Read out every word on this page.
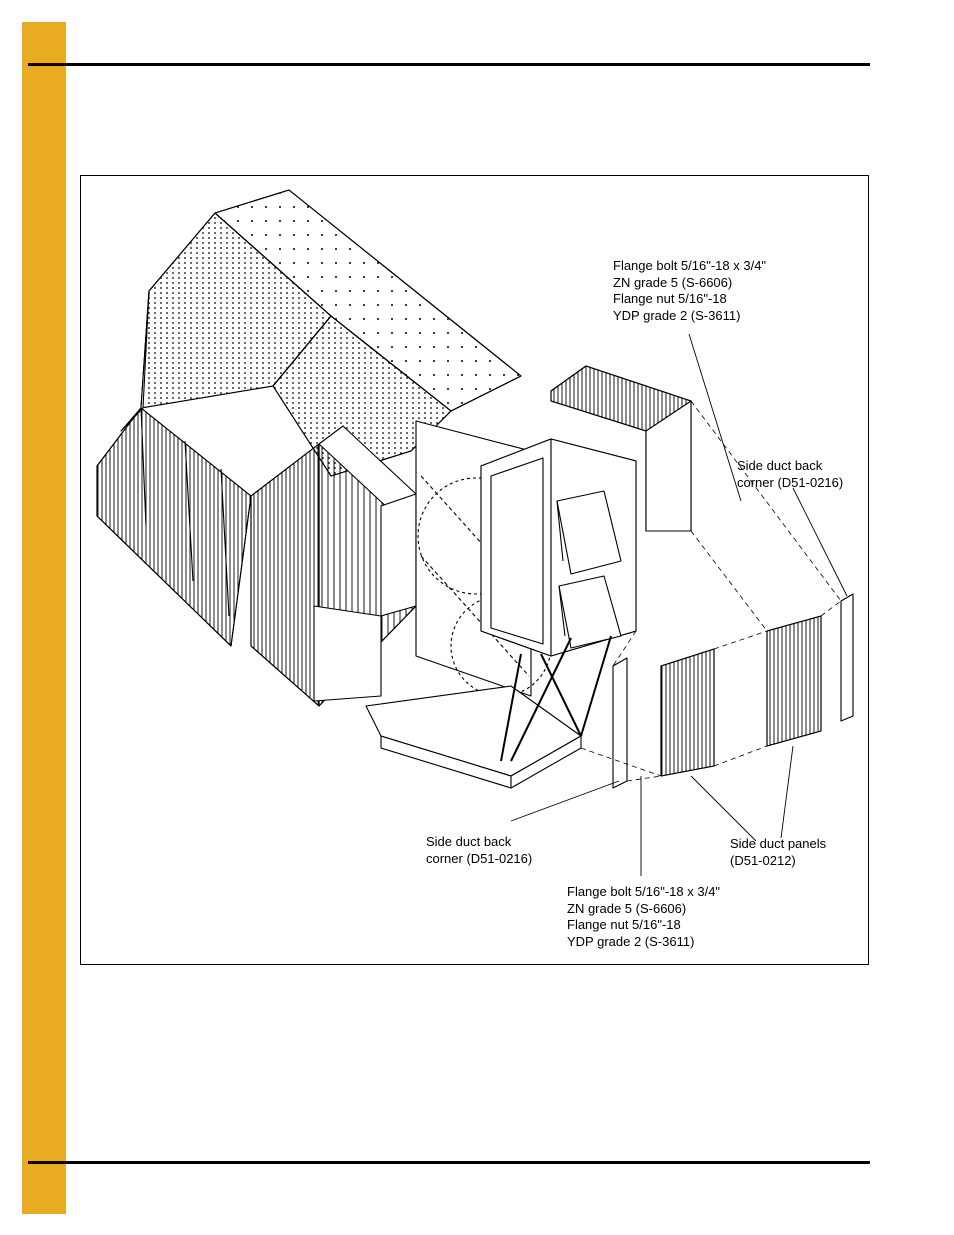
Flange bolt 5/16"-18 x 3/4"
ZN grade 5 (S-6606)
Flange nut 5/16"-18
YDP grade 2 (S-3611)
Side duct back
corner (D51-0216)
Side duct back
corner (D51-0216)
Side duct panels
(D51-0212)
Flange bolt 5/16"-18 x 3/4"
ZN grade 5 (S-6606)
Flange nut 5/16"-18
YDP grade 2 (S-3611)
